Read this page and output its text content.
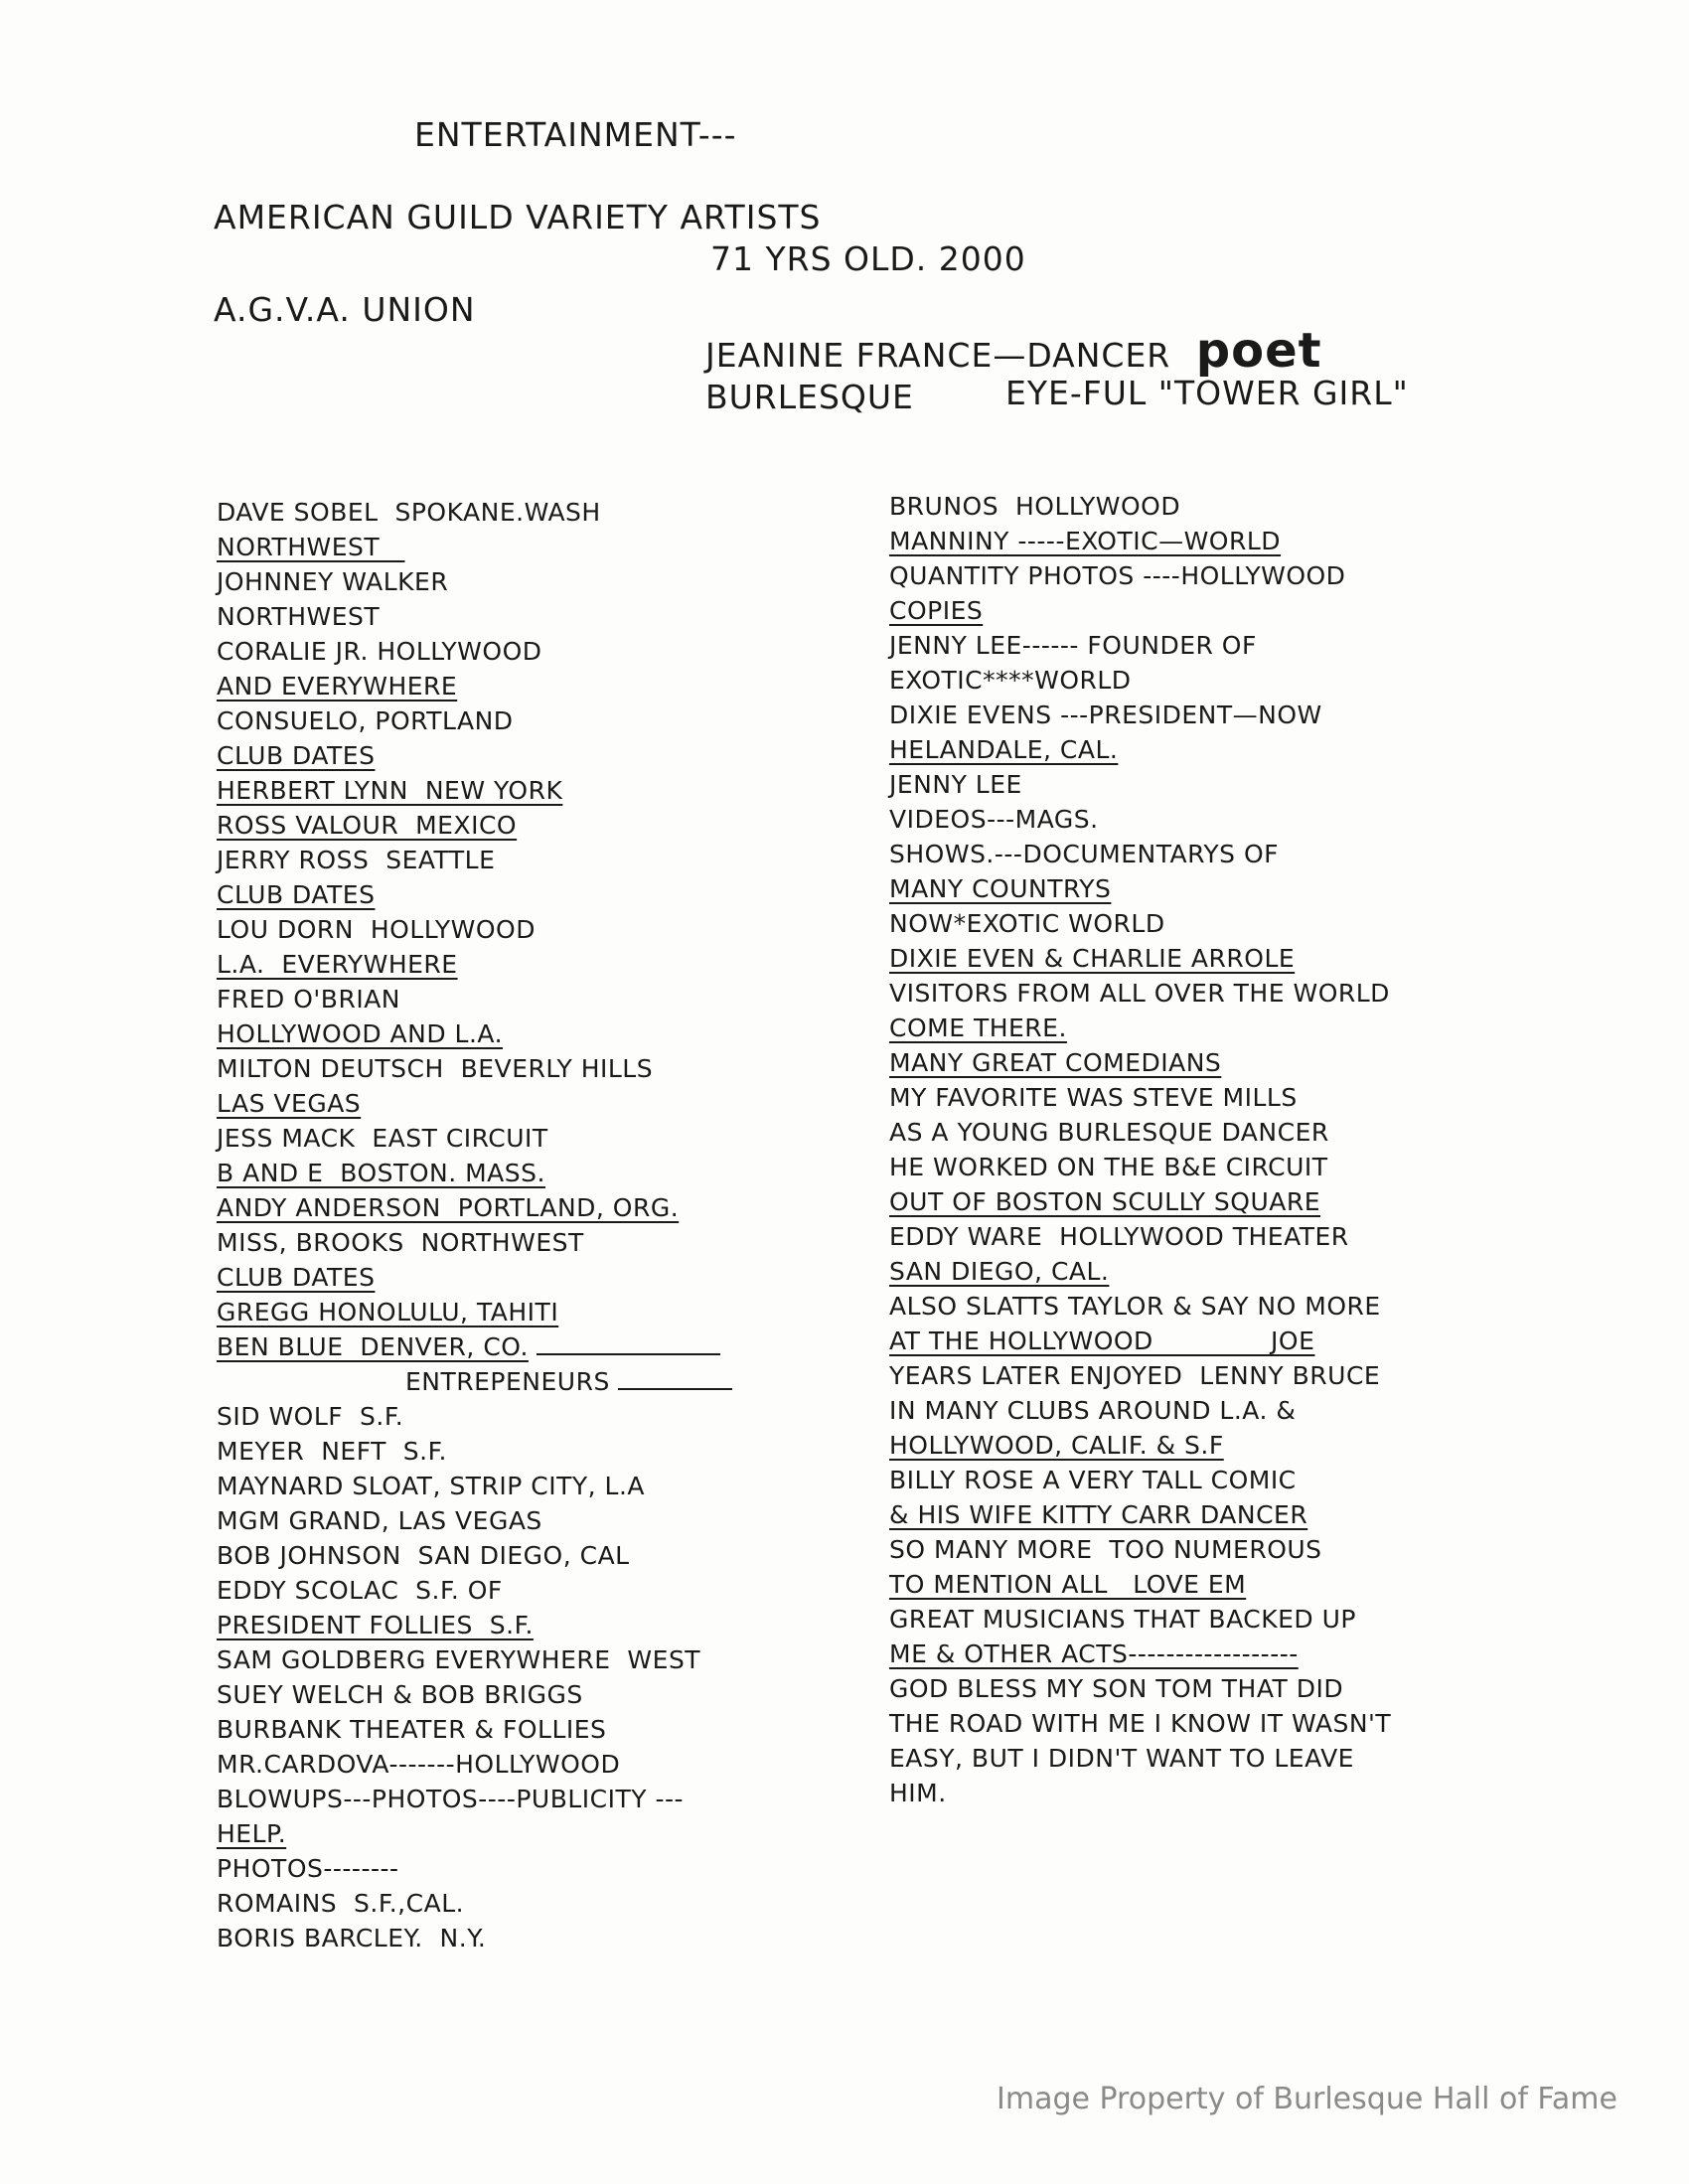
ENTERTAINMENT---
AMERICAN GUILD VARIETY ARTISTS
71 YRS OLD. 2000
A.G.V.A. UNION
JEANINE FRANCE—DANCER poet
BURLESQUE	EYE-FUL "TOWER GIRL"
DAVE SOBEL  SPOKANE.WASH
NORTHWEST
JOHNNEY WALKER
NORTHWEST
CORALIE JR. HOLLYWOOD
AND EVERYWHERE
CONSUELO, PORTLAND
CLUB DATES
HERBERT LYNN  NEW YORK
ROSS VALOUR  MEXICO
JERRY ROSS  SEATTLE
CLUB DATES
LOU DORN  HOLLYWOOD
L.A.  EVERYWHERE
FRED O'BRIAN
HOLLYWOOD AND L.A.
MILTON DEUTSCH  BEVERLY HILLS
LAS VEGAS
JESS MACK  EAST CIRCUIT
B AND E  BOSTON. MASS.
ANDY ANDERSON  PORTLAND, ORG.
MISS, BROOKS  NORTHWEST
CLUB DATES
GREGG HONOLULU, TAHITI
BEN BLUE  DENVER, CO.
ENTREPENEURS
SID WOLF  S.F.
MEYER  NEFT  S.F.
MAYNARD SLOAT, STRIP CITY, L.A
MGM GRAND, LAS VEGAS
BOB JOHNSON  SAN DIEGO, CAL
EDDY SCOLAC  S.F. OF
PRESIDENT FOLLIES  S.F.
SAM GOLDBERG EVERYWHERE  WEST
SUEY WELCH & BOB BRIGGS
BURBANK THEATER & FOLLIES
MR.CARDOVA-------HOLLYWOOD
BLOWUPS---PHOTOS----PUBLICITY ---
HELP.
PHOTOS--------
ROMAINS  S.F.,CAL.
BORIS BARCLEY.  N.Y.
BRUNOS  HOLLYWOOD
MANNINY -----EXOTIC—WORLD
QUANTITY PHOTOS ----HOLLYWOOD
COPIES
JENNY LEE------ FOUNDER OF
EXOTIC****WORLD
DIXIE EVENS ---PRESIDENT—NOW
HELANDALE, CAL.
JENNY LEE
VIDEOS---MAGS.
SHOWS.---DOCUMENTARYS OF
MANY COUNTRYS
NOW*EXOTIC WORLD
DIXIE EVEN & CHARLIE ARROLE
VISITORS FROM ALL OVER THE WORLD
COME THERE.
MANY GREAT COMEDIANS
MY FAVORITE WAS STEVE MILLS
AS A YOUNG BURLESQUE DANCER
HE WORKED ON THE B&E CIRCUIT
OUT OF BOSTON SCULLY SQUARE
EDDY WARE  HOLLYWOOD THEATER
SAN DIEGO, CAL.
ALSO SLATTS TAYLOR & SAY NO MORE
AT THE HOLLYWOOD              JOE
YEARS LATER ENJOYED  LENNY BRUCE
IN MANY CLUBS AROUND L.A. &
HOLLYWOOD, CALIF. & S.F
BILLY ROSE A VERY TALL COMIC
& HIS WIFE KITTY CARR DANCER
SO MANY MORE  TOO NUMEROUS
TO MENTION ALL   LOVE EM
GREAT MUSICIANS THAT BACKED UP
ME & OTHER ACTS------------------
GOD BLESS MY SON TOM THAT DID
THE ROAD WITH ME I KNOW IT WASN'T
EASY, BUT I DIDN'T WANT TO LEAVE
HIM.
Image Property of Burlesque Hall of Fame
